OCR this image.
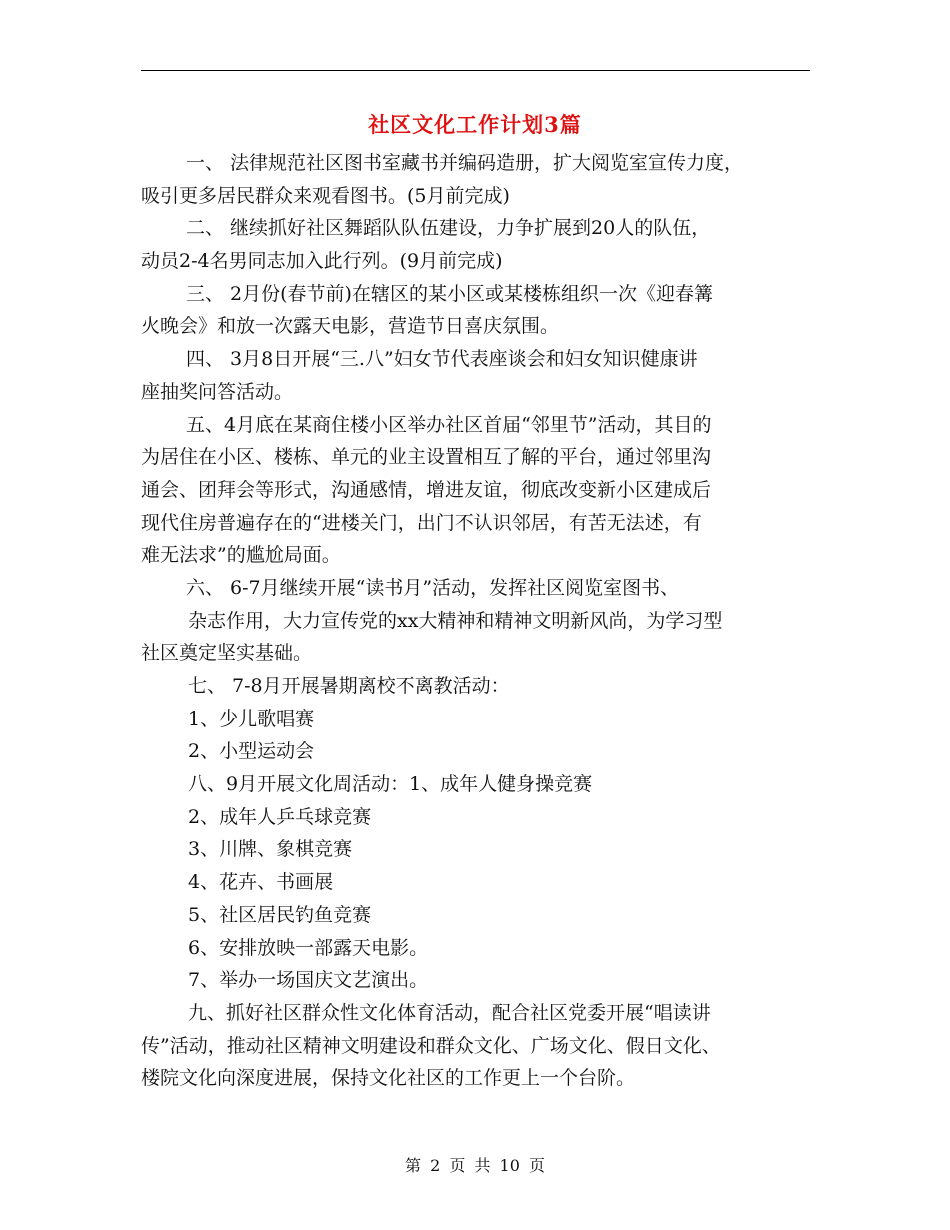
社区文化工作计划3篇
一、 法律规范社区图书室藏书并编码造册，扩大阅览室宣传力度，
吸引更多居民群众来观看图书。(5月前完成)
二、 继续抓好社区舞蹈队队伍建设，力争扩展到20人的队伍，
动员2-4名男同志加入此行列。(9月前完成)
三、 2月份(春节前)在辖区的某小区或某楼栋组织一次《迎春篝
火晚会》和放一次露天电影，营造节日喜庆氛围。
四、 3月8日开展“三.八”妇女节代表座谈会和妇女知识健康讲
座抽奖问答活动。
五、4月底在某商住楼小区举办社区首届“邻里节”活动，其目的
为居住在小区、楼栋、单元的业主设置相互了解的平台，通过邻里沟
通会、团拜会等形式，沟通感情，增进友谊，彻底改变新小区建成后
现代住房普遍存在的“进楼关门，出门不认识邻居，有苦无法述，有
难无法求”的尴尬局面。
六、 6-7月继续开展“读书月”活动，发挥社区阅览室图书、
杂志作用，大力宣传党的xx大精神和精神文明新风尚，为学习型
社区奠定坚实基础。
七、 7-8月开展暑期离校不离教活动：
1、少儿歌唱赛
2、小型运动会
八、9月开展文化周活动：1、成年人健身操竞赛
2、成年人乒乓球竞赛
3、川牌、象棋竞赛
4、花卉、书画展
5、社区居民钓鱼竞赛
6、安排放映一部露天电影。
7、举办一场国庆文艺演出。
九、抓好社区群众性文化体育活动，配合社区党委开展“唱读讲
传”活动，推动社区精神文明建设和群众文化、广场文化、假日文化、
楼院文化向深度进展，保持文化社区的工作更上一个台阶。
第 2 页 共 10 页
